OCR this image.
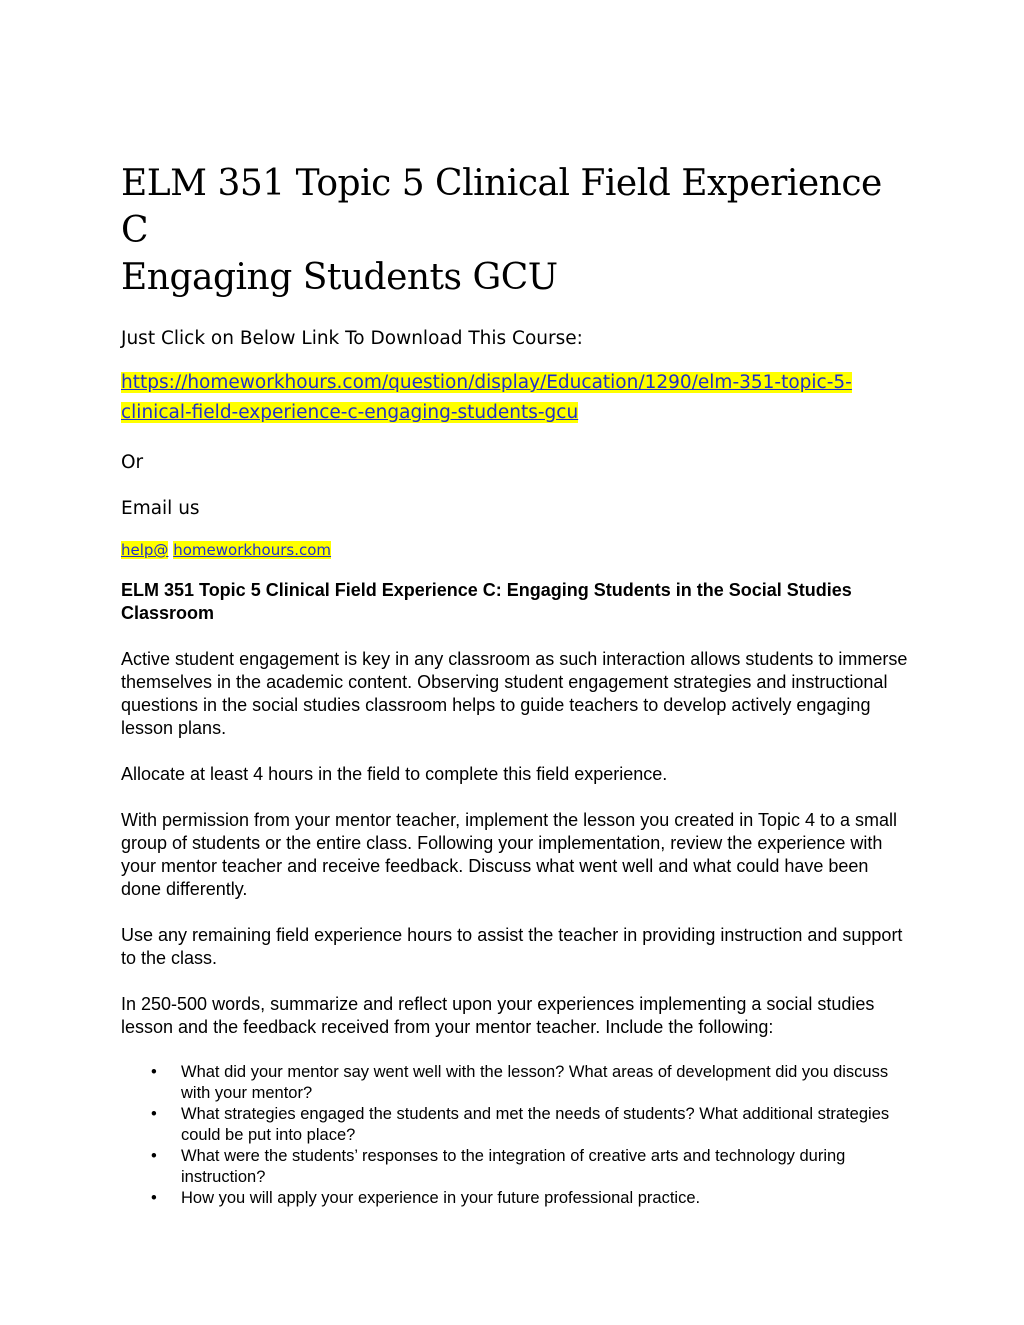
ELM 351 Topic 5 Clinical Field Experience C
Engaging Students GCU

Just Click on Below Link To Download This Course:

https://homeworkhours.com/question/display/Education/1290/elm-351-topic-5-
clinical-field-experience-c-engaging-students-gcu

Or

Email us

help@ homeworkhours.com
ELM 351 Topic 5 Clinical Field Experience C: Engaging Students in the Social Studies Classroom

Active student engagement is key in any classroom as such interaction allows students to immerse themselves in the academic content. Observing student engagement strategies and instructional questions in the social studies classroom helps to guide teachers to develop actively engaging lesson plans.

Allocate at least 4 hours in the field to complete this field experience.

With permission from your mentor teacher, implement the lesson you created in Topic 4 to a small group of students or the entire class. Following your implementation, review the experience with your mentor teacher and receive feedback. Discuss what went well and what could have been done differently.

Use any remaining field experience hours to assist the teacher in providing instruction and support to the class.

In 250-500 words, summarize and reflect upon your experiences implementing a social studies lesson and the feedback received from your mentor teacher. Include the following:

• What did your mentor say went well with the lesson? What areas of development did you discuss with your mentor?
• What strategies engaged the students and met the needs of students? What additional strategies could be put into place?
• What were the students’ responses to the integration of creative arts and technology during instruction?
• How you will apply your experience in your future professional practice.
